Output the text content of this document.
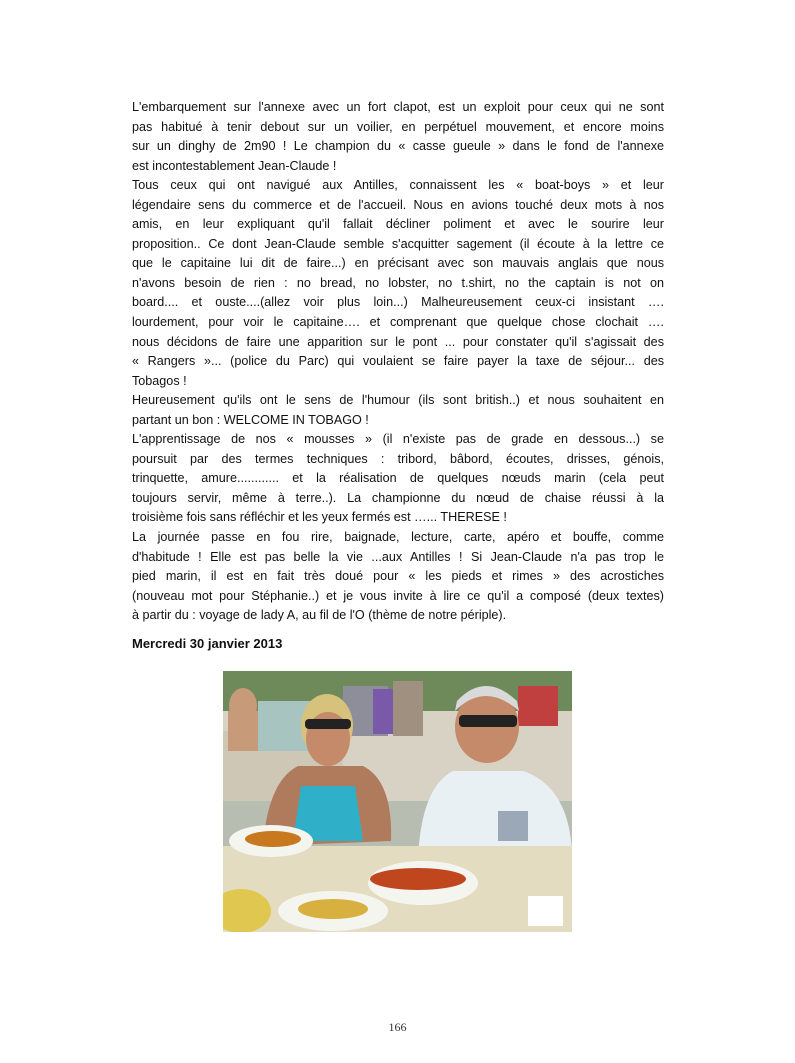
L'embarquement sur l'annexe avec un fort clapot, est un exploit pour ceux qui ne sont
pas habitué à tenir debout sur un voilier, en perpétuel mouvement, et encore moins
sur un dinghy de 2m90 ! Le champion du « casse gueule » dans le fond de l'annexe
est incontestablement Jean-Claude !
Tous ceux qui ont navigué aux Antilles, connaissent les « boat-boys » et leur
légendaire sens du commerce et de l'accueil. Nous en avions touché deux mots à nos
amis, en leur expliquant qu'il fallait décliner poliment et avec le sourire leur
proposition.. Ce dont Jean-Claude semble s'acquitter sagement (il écoute à la lettre ce
que le capitaine lui dit de faire...) en précisant avec son mauvais anglais que nous
n'avons besoin de rien : no bread, no lobster, no t.shirt, no the captain is not on
board.... et ouste....(allez voir plus loin...) Malheureusement ceux-ci insistant ….
lourdement, pour voir le capitaine…. et comprenant que quelque chose clochait ….
nous décidons de faire une apparition sur le pont ... pour constater qu'il s'agissait des
« Rangers »... (police du Parc) qui voulaient se faire payer la taxe de séjour... des
Tobagos !
Heureusement qu'ils ont le sens de l'humour (ils sont british..) et nous souhaitent en
partant un bon : WELCOME IN TOBAGO !
L'apprentissage de nos « mousses » (il n'existe pas de grade en dessous...) se
poursuit par des termes techniques : tribord, bâbord, écoutes, drisses, génois,
trinquette, amure............ et la réalisation de quelques nœuds marin (cela peut
toujours servir, même à terre..). La championne du nœud de chaise réussi à la
troisième fois sans réfléchir et les yeux fermés est …... THERESE !
La journée passe en fou rire, baignade, lecture, carte, apéro et bouffe, comme
d'habitude ! Elle est pas belle la vie ...aux Antilles ! Si Jean-Claude n'a pas trop le
pied marin, il est en fait très doué pour « les pieds et rimes » des acrostiches
(nouveau mot pour Stéphanie..) et je vous invite à lire ce qu'il a composé (deux textes)
à partir du : voyage de lady A, au fil de l'O (thème de notre périple).
Mercredi 30 janvier 2013
166
